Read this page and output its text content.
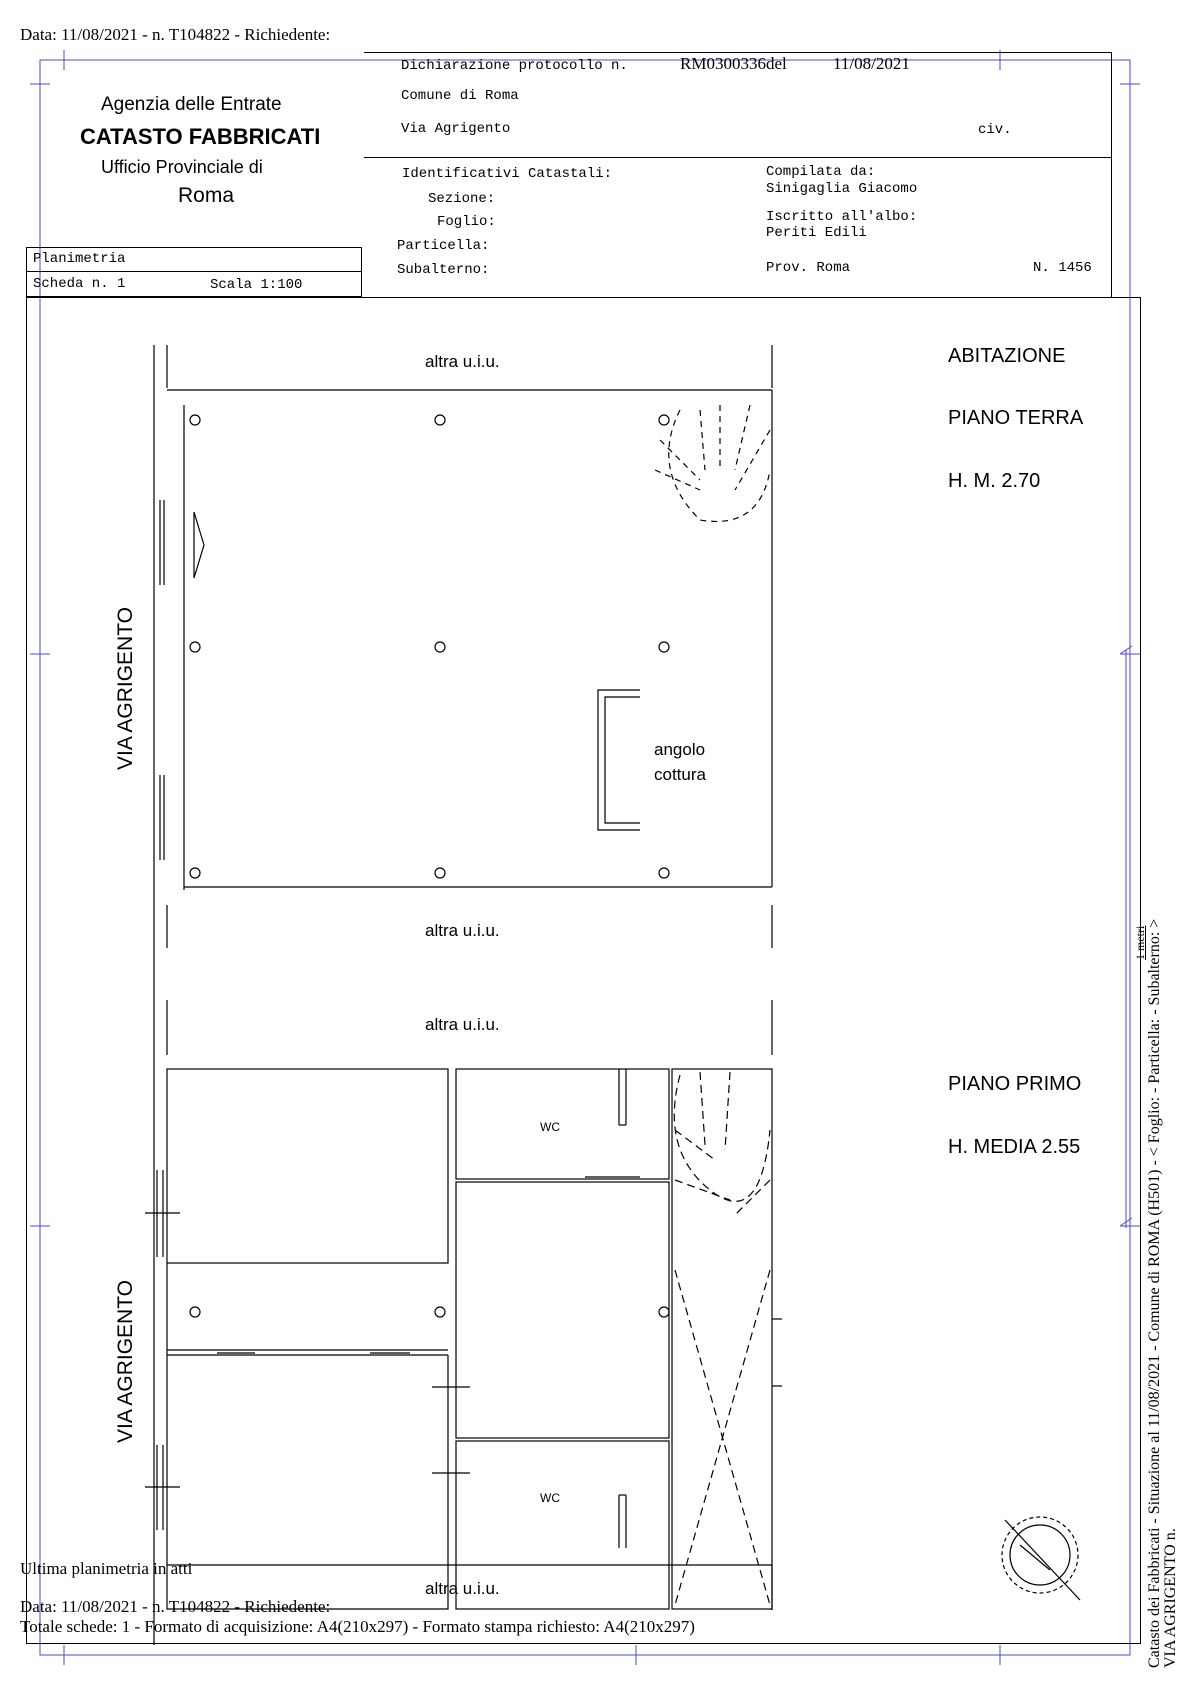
Data: 11/08/2021 - n. T104822 - Richiedente:
Agenzia delle Entrate
CATASTO FABBRICATI
Ufficio Provinciale di
Roma
Planimetria
Scheda n. 1	Scala 1:100
Dichiarazione protocollo n.	RM0300336del	11/08/2021
Comune di Roma
Via Agrigento	civ.
Identificativi Catastali:
Sezione:
Foglio:
Particella:
Subalterno:
Compilata da:
Sinigaglia Giacomo
Iscritto all'albo:
Periti Edili
Prov. Roma	N. 1456
altra u.i.u.
altra u.i.u.
altra u.i.u.
altra u.i.u.
ABITAZIONE
PIANO TERRA
H. M. 2.70
PIANO PRIMO
H. MEDIA 2.55
angolo
cottura
WC
WC
VIA AGRIGENTO
VIA AGRIGENTO
1 metri Catasto dei Fabbricati - Situazione al 11/08/2021 - Comune di ROMA (H501) - < Foglio: - Particella: - Subalterno: > VIA AGRIGENTO n.
Ultima planimetria in atti
Data: 11/08/2021 - n. T104822 - Richiedente:
Totale schede: 1 - Formato di acquisizione: A4(210x297) - Formato stampa richiesto: A4(210x297)
